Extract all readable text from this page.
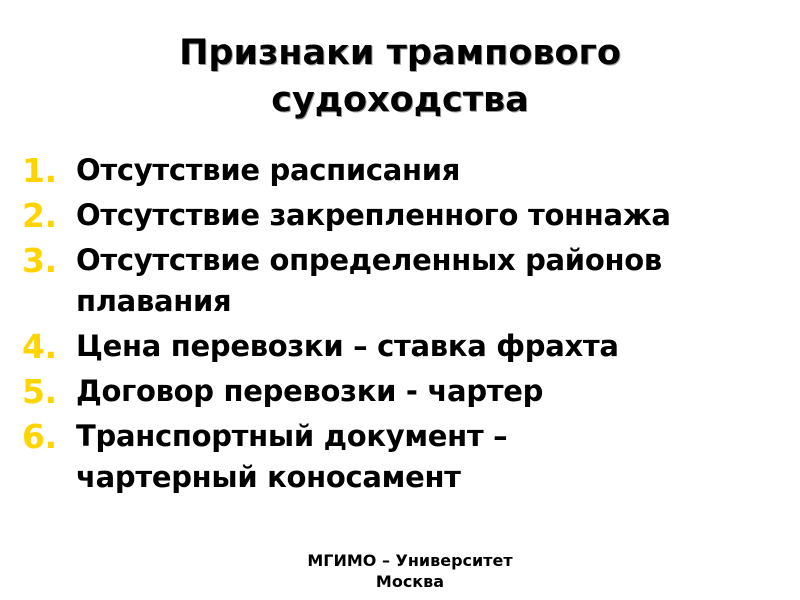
Признаки трампового
судоходства
1. Отсутствие расписания
2. Отсутствие закрепленного тоннажа
3. Отсутствие определенных районов
плавания
4. Цена перевозки – ставка фрахта
5. Договор перевозки - чартер
6. Транспортный документ –
чартерный коносамент
МГИМО – Университет
Москва
